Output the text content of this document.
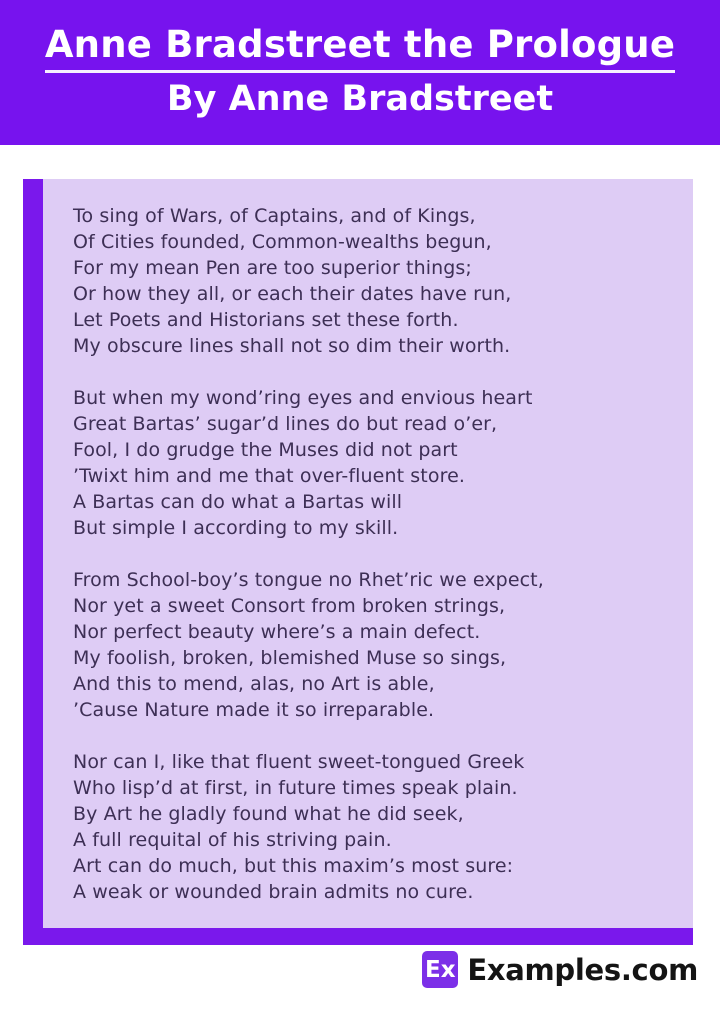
Anne Bradstreet the Prologue
By Anne Bradstreet

To sing of Wars, of Captains, and of Kings,

Of Cities founded, Common-wealths begun,

For my mean Pen are too superior things;

Or how they all, or each their dates have run,

Let Poets and Historians set these forth.

My obscure lines shall not so dim their worth.

But when my wond’ring eyes and envious heart

Great Bartas’ sugar’d lines do but read o’er,

Fool, I do grudge the Muses did not part

’Twixt him and me that over-fluent store.

A Bartas can do what a Bartas will

But simple I according to my skill.

From School-boy’s tongue no Rhet’ric we expect,

Nor yet a sweet Consort from broken strings,

Nor perfect beauty where’s a main defect.

My foolish, broken, blemished Muse so sings,

And this to mend, alas, no Art is able,

’Cause Nature made it so irreparable.

Nor can I, like that fluent sweet-tongued Greek

Who lisp’d at first, in future times speak plain.

By Art he gladly found what he did seek,

A full requital of his striving pain.

Art can do much, but this maxim’s most sure:

A weak or wounded brain admits no cure.

Ex Examples.com
